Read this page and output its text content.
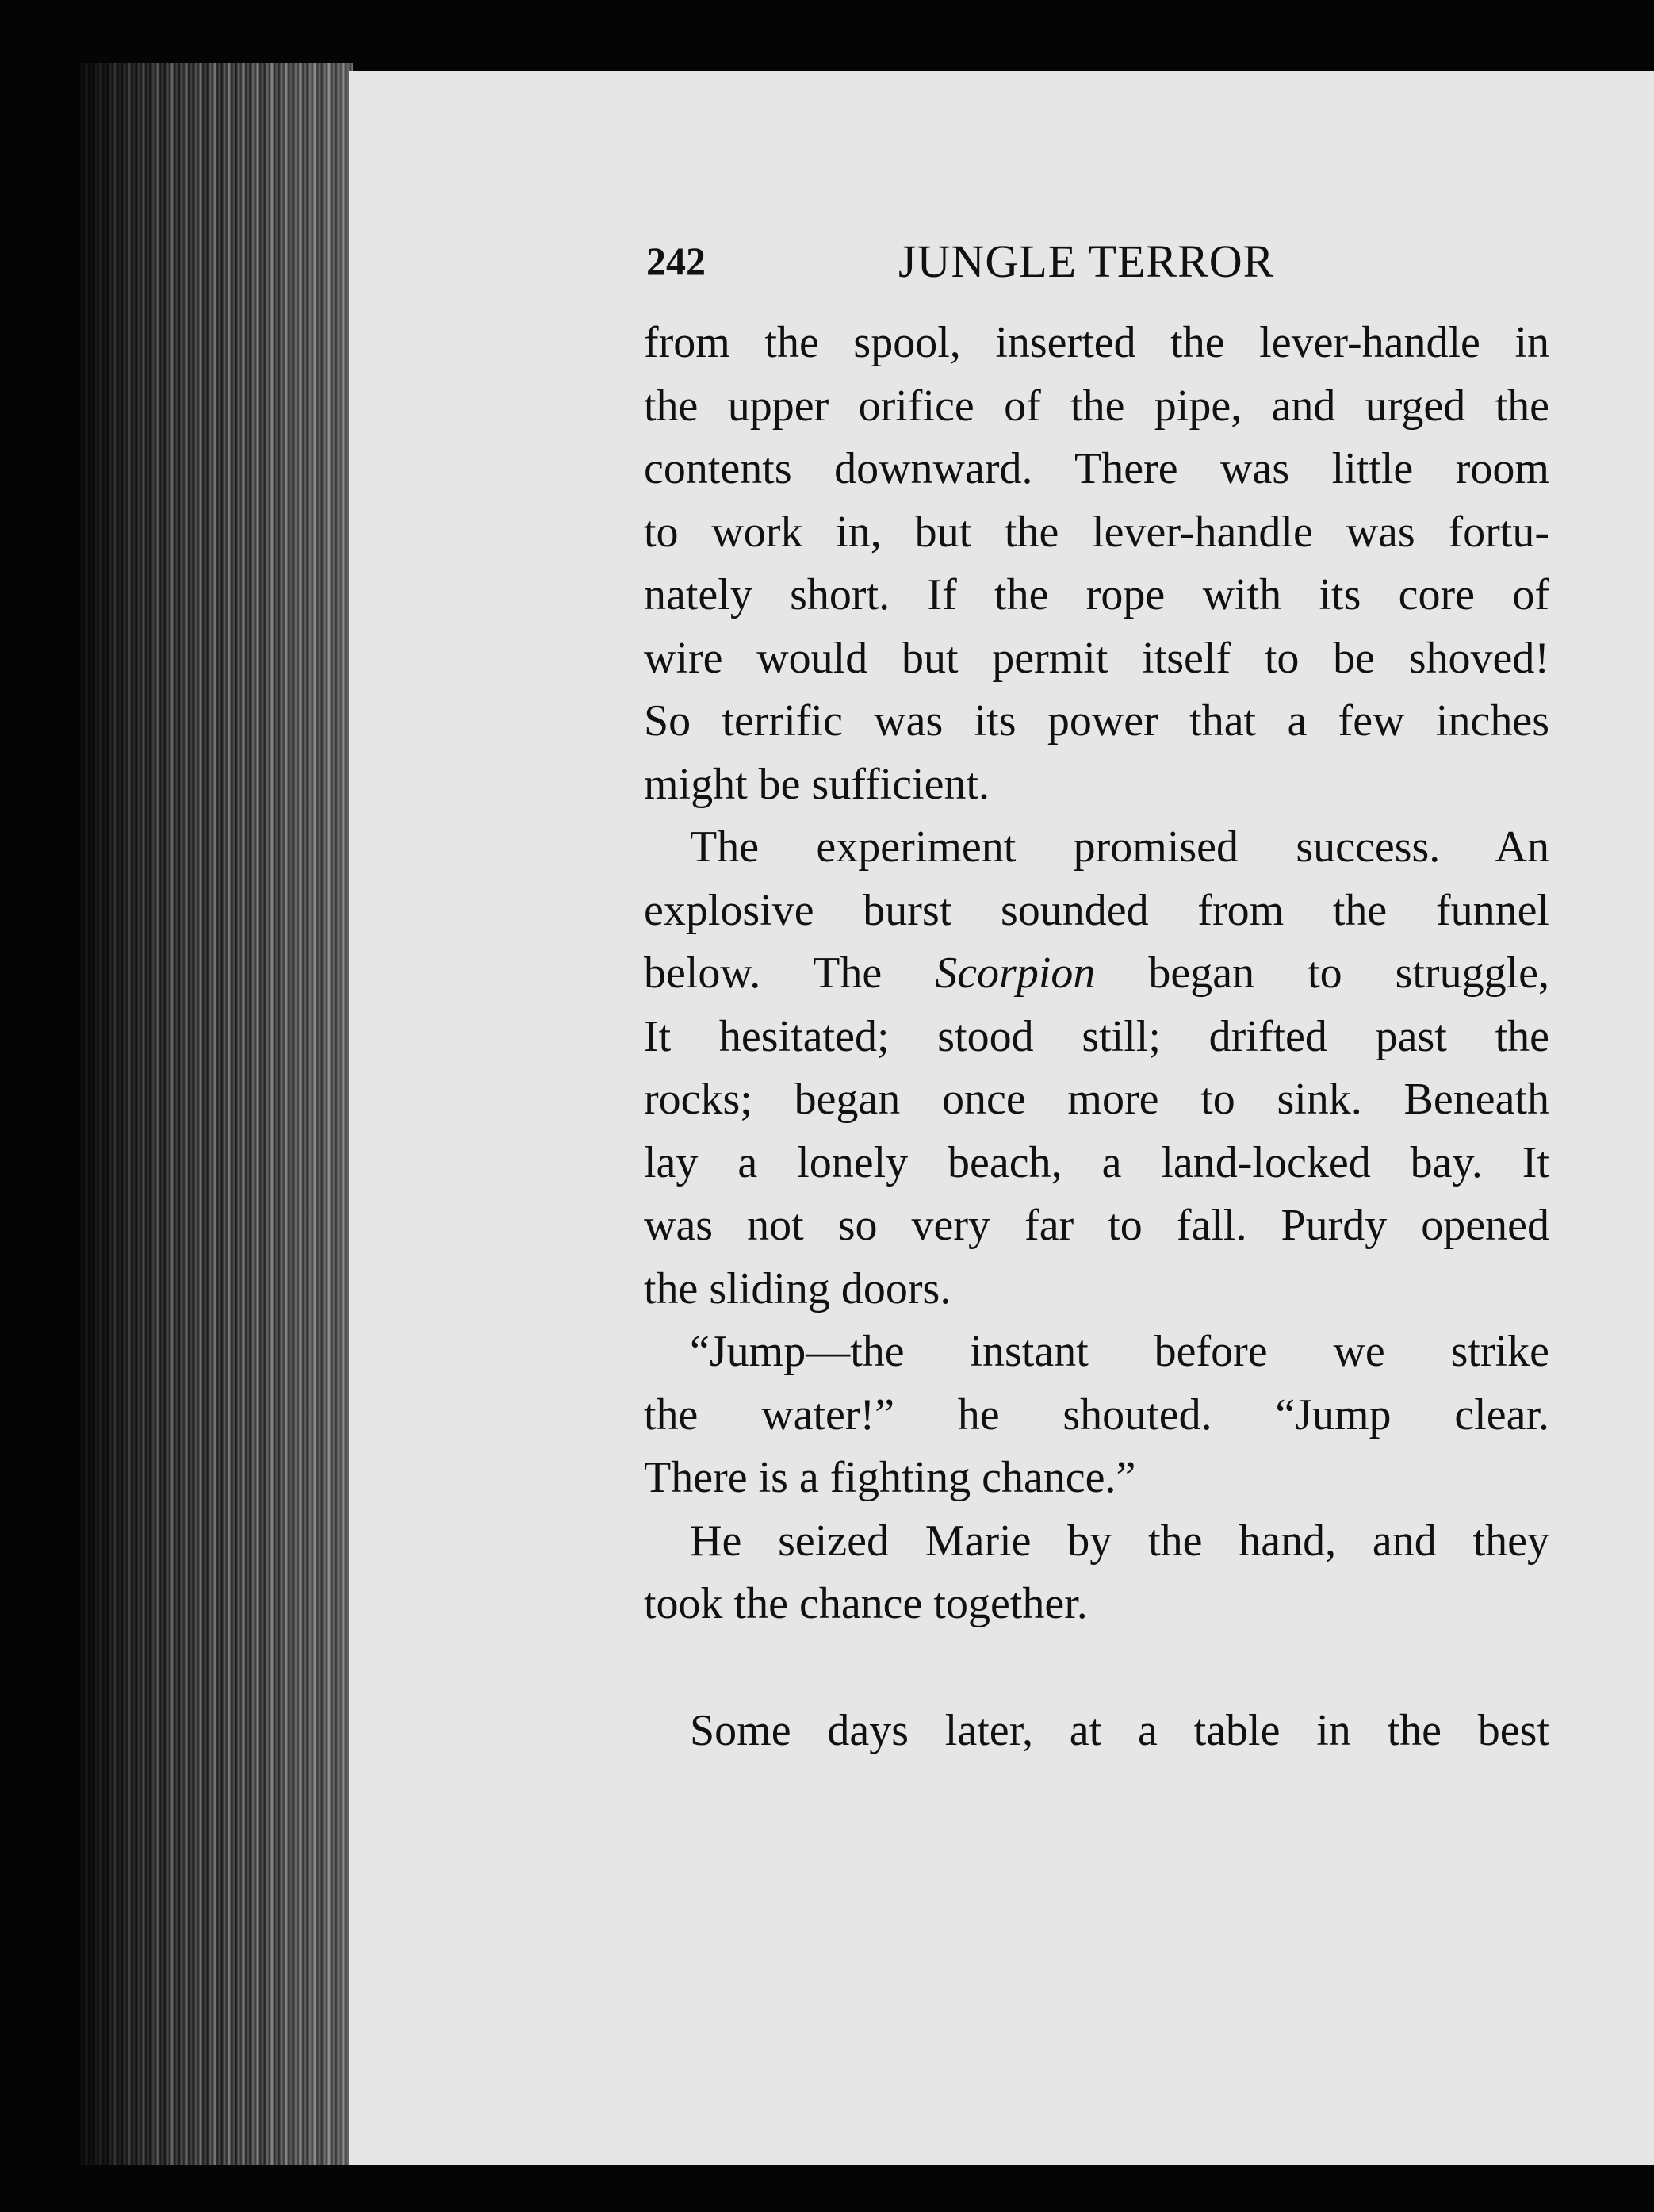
242	JUNGLE TERROR
from the spool, inserted the lever-handle in
the upper orifice of the pipe, and urged the
contents downward. There was little room
to work in, but the lever-handle was fortu-
nately short. If the rope with its core of
wire would but permit itself to be shoved!
So terrific was its power that a few inches
might be sufficient.
The experiment promised success. An
explosive burst sounded from the funnel
below. The Scorpion began to struggle,
It hesitated; stood still; drifted past the
rocks; began once more to sink. Beneath
lay a lonely beach, a land-locked bay. It
was not so very far to fall. Purdy opened
the sliding doors.
“Jump—the instant before we strike
the water!” he shouted. “Jump clear.
There is a fighting chance.”
He seized Marie by the hand, and they
took the chance together.
Some days later, at a table in the best
